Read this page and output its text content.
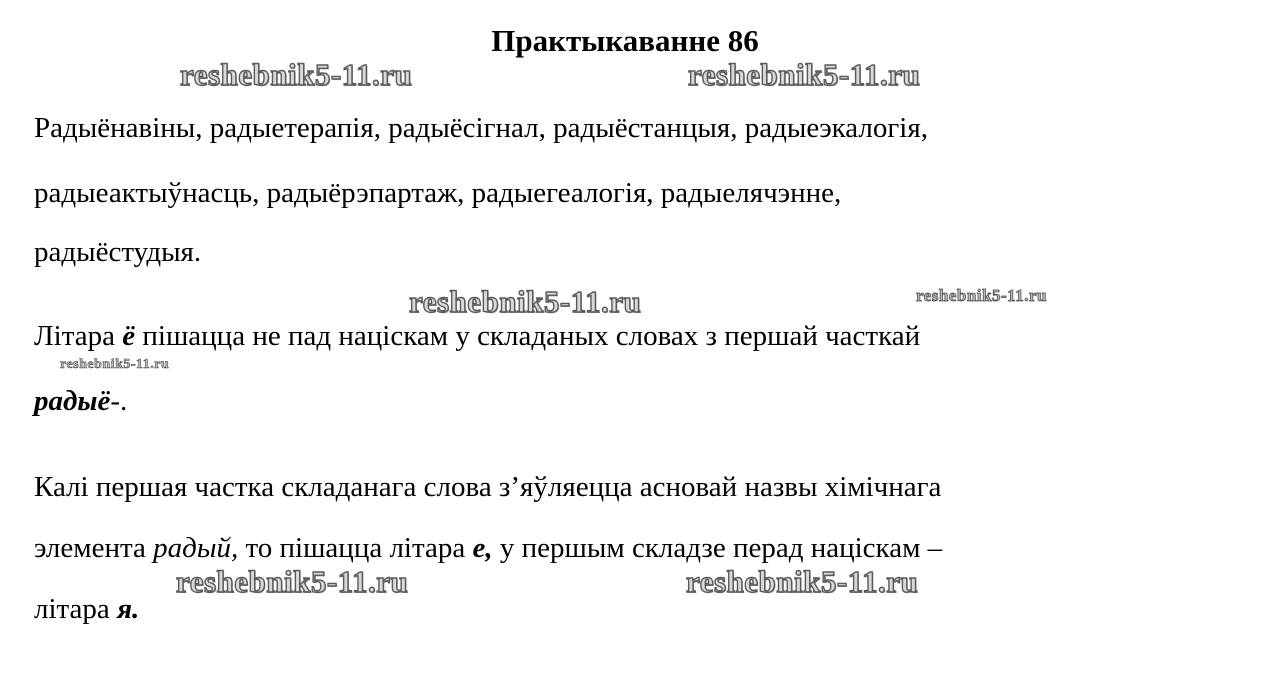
Практыкаванне 86
Радыёнавіны, радыетерапія, радыёсігнал, радыёстанцыя, радыеэкалогія,
радыеактыўнасць, радыёрэпартаж, радыегеалогія, радыелячэнне,
радыёстудыя.
Літара ё пішацца не пад націскам у складаных словах з першай часткай
радыё-.
Калі першая частка складанага слова з’яўляецца асновай назвы хімічнага
элемента радый, то пішацца літара е, у першым складзе перад націскам –
літара я.
reshebnik5-11.ru	reshebnik5-11.ru
reshebnik5-11.ru	reshebnik5-11.ru
reshebnik5-11.ru
reshebnik5-11.ru	reshebnik5-11.ru
